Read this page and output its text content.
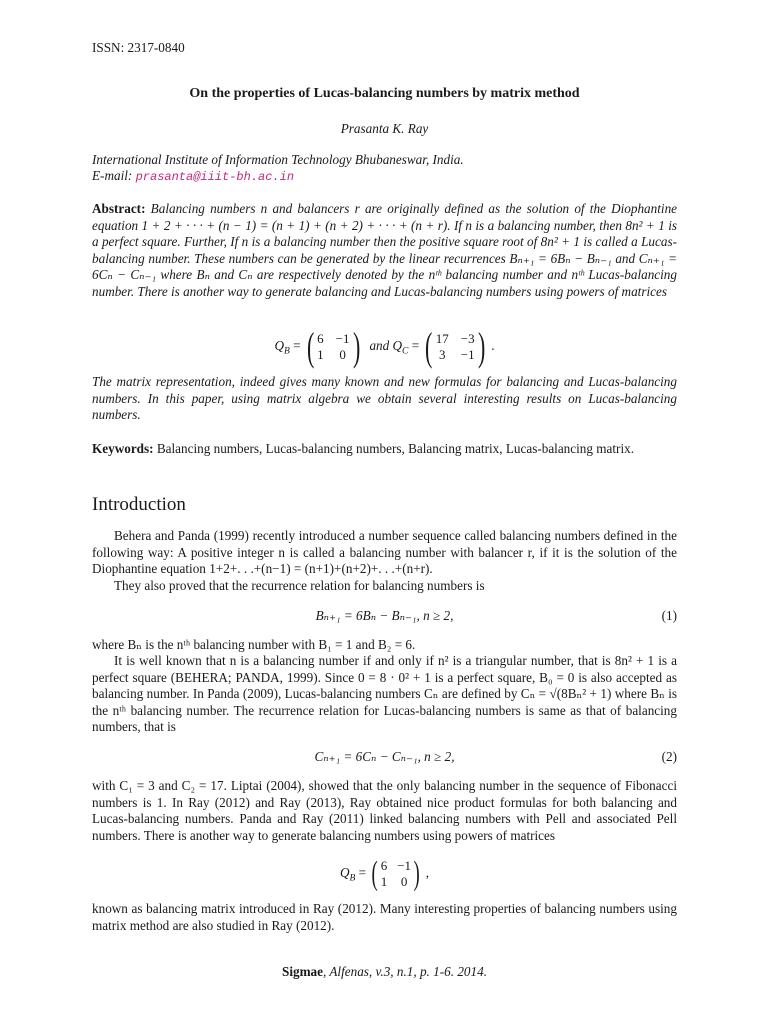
ISSN: 2317-0840
On the properties of Lucas-balancing numbers by matrix method
Prasanta K. Ray
International Institute of Information Technology Bhubaneswar, India.
E-mail: prasanta@iiit-bh.ac.in
Abstract: Balancing numbers n and balancers r are originally defined as the solution of the Diophantine equation 1 + 2 + · · · + (n − 1) = (n + 1) + (n + 2) + · · · + (n + r). If n is a balancing number, then 8n² + 1 is a perfect square. Further, If n is a balancing number then the positive square root of 8n² + 1 is called a Lucas-balancing number. These numbers can be generated by the linear recurrences Bₙ₊₁ = 6Bₙ − Bₙ₋₁ and Cₙ₊₁ = 6Cₙ − Cₙ₋₁ where Bₙ and Cₙ are respectively denoted by the nᵗʰ balancing number and nᵗʰ Lucas-balancing number. There is another way to generate balancing and Lucas-balancing numbers using powers of matrices
$Q_B$ = ( 6 −1
1 0 ) and $Q_C$ = ( 17 −3
3 −1 ) .
The matrix representation, indeed gives many known and new formulas for balancing and Lucas-balancing numbers. In this paper, using matrix algebra we obtain several interesting results on Lucas-balancing numbers.
Keywords: Balancing numbers, Lucas-balancing numbers, Balancing matrix, Lucas-balancing matrix.
Introduction
Behera and Panda (1999) recently introduced a number sequence called balancing numbers defined in the following way: A positive integer n is called a balancing number with balancer r, if it is the solution of the Diophantine equation 1+2+. . .+(n−1) = (n+1)+(n+2)+. . .+(n+r).
They also proved that the recurrence relation for balancing numbers is
Bₙ₊₁ = 6Bₙ − Bₙ₋₁, n ≥ 2,	(1)
where Bₙ is the nᵗʰ balancing number with B₁ = 1 and B₂ = 6.
It is well known that n is a balancing number if and only if n² is a triangular number, that is 8n² + 1 is a perfect square (BEHERA; PANDA, 1999). Since 0 = 8 · 0² + 1 is a perfect square, B₀ = 0 is also accepted as balancing number. In Panda (2009), Lucas-balancing numbers Cₙ are defined by Cₙ = √(8Bₙ² + 1) where Bₙ is the nᵗʰ balancing number. The recurrence relation for Lucas-balancing numbers is same as that of balancing numbers, that is
Cₙ₊₁ = 6Cₙ − Cₙ₋₁, n ≥ 2,	(2)
with C₁ = 3 and C₂ = 17. Liptai (2004), showed that the only balancing number in the sequence of Fibonacci numbers is 1. In Ray (2012) and Ray (2013), Ray obtained nice product formulas for both balancing and Lucas-balancing numbers. Panda and Ray (2011) linked balancing numbers with Pell and associated Pell numbers. There is another way to generate balancing numbers using powers of matrices
$Q_B$ = ( 6 −1
1 0 ) ,
known as balancing matrix introduced in Ray (2012). Many interesting properties of balancing numbers using matrix method are also studied in Ray (2012).
Sigmae, Alfenas, v.3, n.1, p. 1-6. 2014.
